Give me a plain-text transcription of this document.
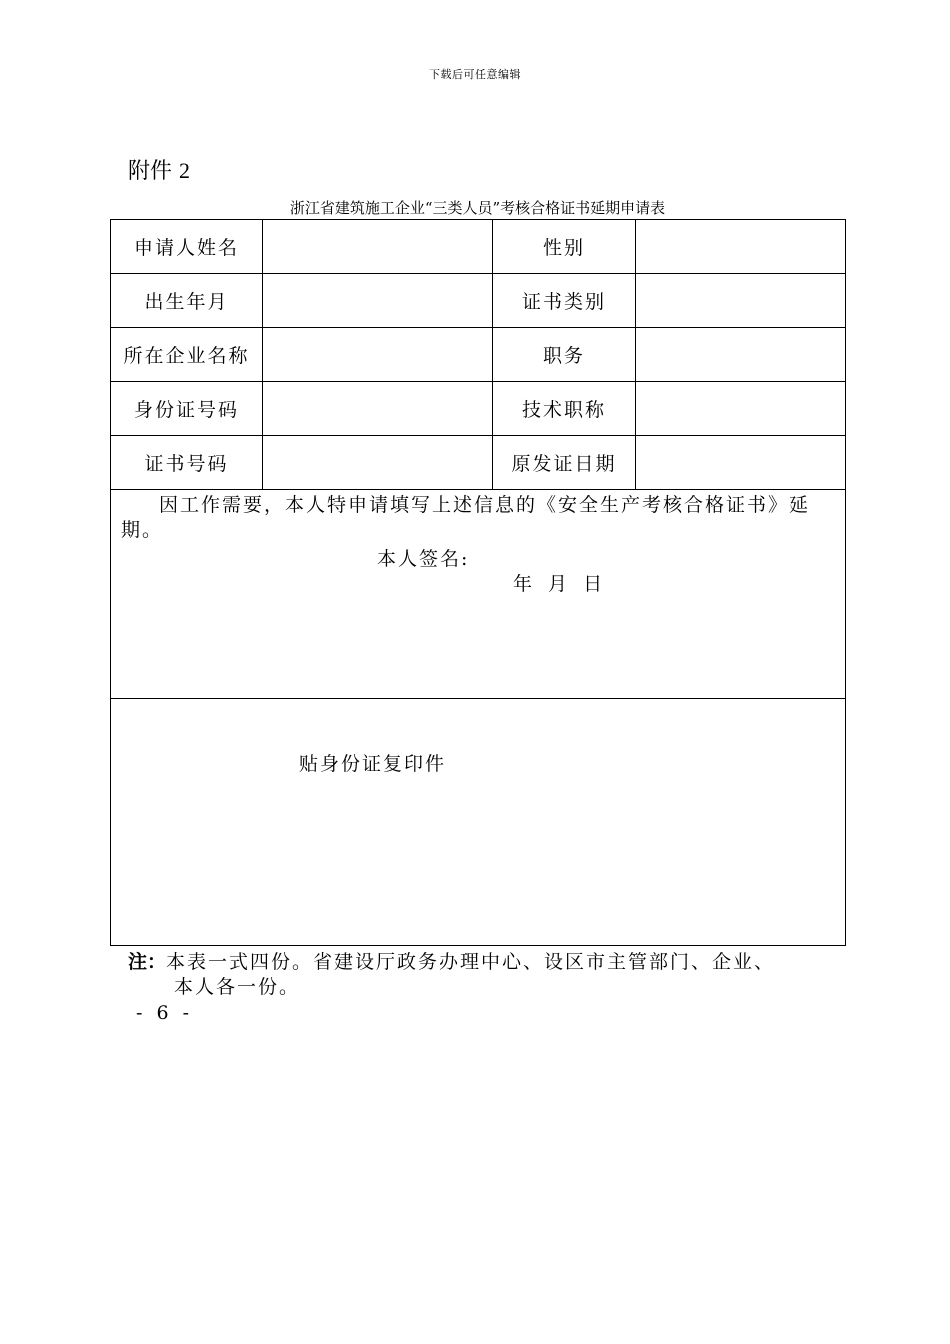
下载后可任意编辑
附件 2
浙江省建筑施工企业“三类人员”考核合格证书延期申请表
申请人姓名		性别	
出生年月		证书类别	
所在企业名称		职务	
身份证号码		技术职称	
证书号码		原发证日期	

因工作需要，本人特申请填写上述信息的《安全生产考核合格证书》延期。
本人签名:
年 月 日			

贴身份证复印件			
注：本表一式四份。省建设厅政务办理中心、设区市主管部门、企业、
本人各一份。
- 6 -
